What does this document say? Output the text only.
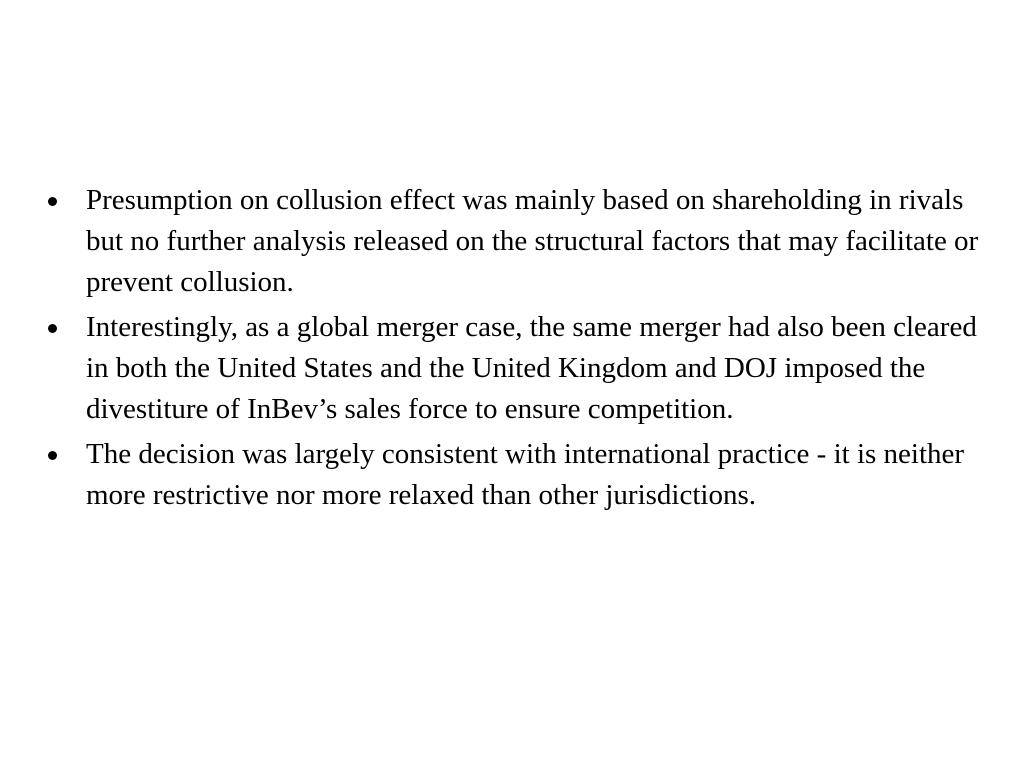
Presumption on collusion effect was mainly based on shareholding in rivals but no further analysis released on the structural factors that may facilitate or prevent collusion.
Interestingly, as a global merger case, the same merger had also been cleared in both the United States and the United Kingdom and DOJ imposed the divestiture of InBev’s sales force to ensure competition.
The decision was largely consistent with international practice - it is neither more restrictive nor more relaxed than other jurisdictions.
